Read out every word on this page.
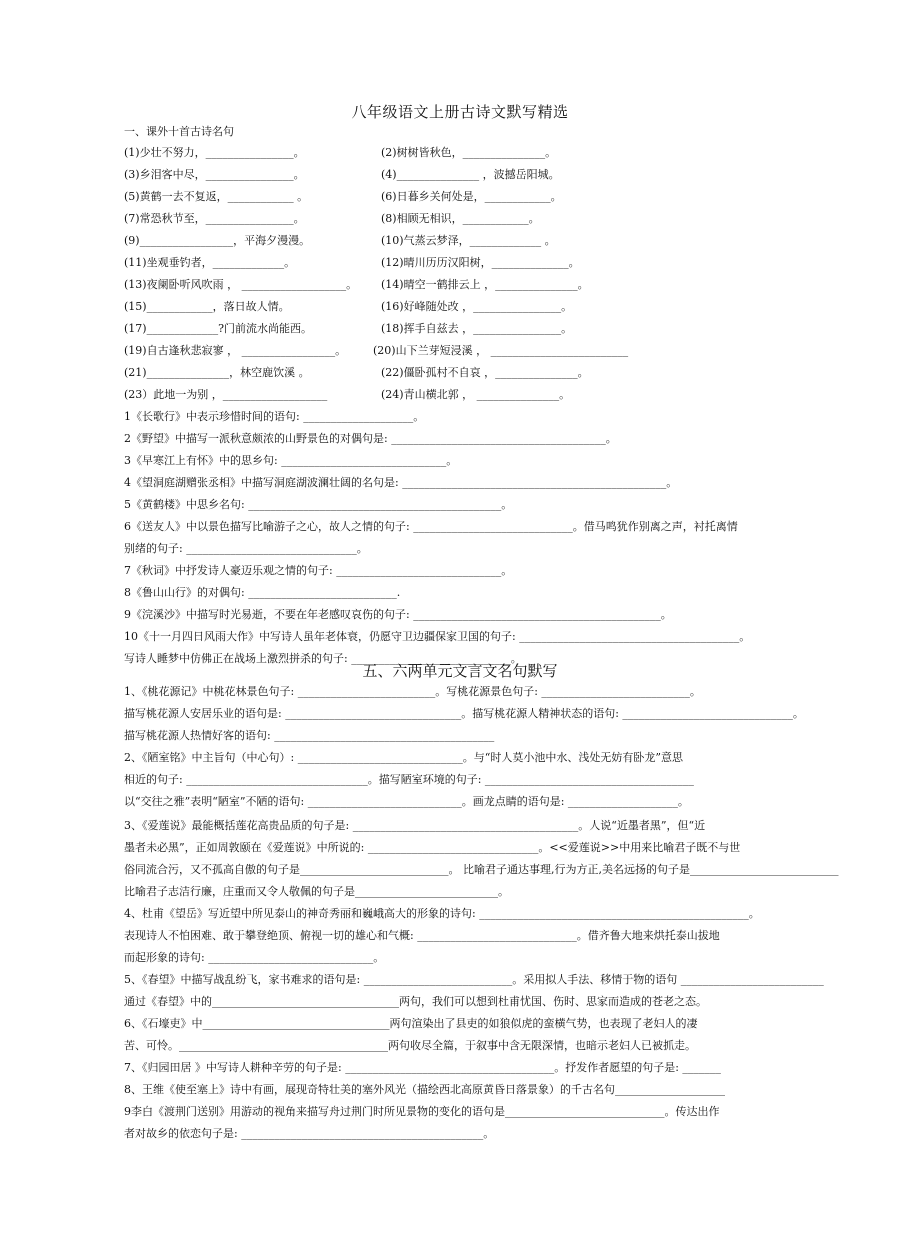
八年级语文上册古诗文默写精选
一、课外十首古诗名句
(1)少壮不努力，________________。	(2)树树皆秋色，_______________。
(3)乡泪客中尽，________________。	(4)_______________ ，波撼岳阳城。
(5)黄鹤一去不复返，____________ 。	(6)日暮乡关何处是，____________。
(7)常恐秋节至，________________。	(8)相顾无相识，____________。
(9)_________________，平海夕漫漫。	(10)气蒸云梦泽，_____________ 。
(11)坐观垂钓者，_____________。	(12)晴川历历汉阳树，______________。
(13)夜阑卧听风吹雨 ， ___________________。 (14)晴空一鹤排云上 ，_______________。
(15)____________，落日故人情。	(16)好峰随处改 ，________________。
(17)_____________?门前流水尚能西。	(18)挥手自兹去 ，________________。
(19)自古逢秋悲寂寥 ， _________________。 (20)山下兰芽短浸溪 ， _________________________
(21)_______________，林空鹿饮溪 。	(22)僵卧孤村不自哀 ，_______________。
(23）此地一为别 ，___________________	(24)青山横北郭 ， _______________。
1《长歌行》中表示珍惜时间的语句: ____________________。
2《野望》中描写一派秋意颇浓的山野景色的对偶句是: _______________________________________。
3《早寒江上有怀》中的思乡句: ______________________________。
4《望洞庭湖赠张丞相》中描写洞庭湖波澜壮阔的名句是: ________________________________________________。
5《黄鹤楼》中思乡名句: ______________________________________________。
6《送友人》中以景色描写比喻游子之心，故人之情的句子: _____________________________。借马鸣犹作别离之声，衬托离情
别绪的句子: _______________________________。
7《秋词》中抒发诗人豪迈乐观之情的句子: ______________________________。
8《鲁山山行》的对偶句: ___________________________.
9《浣溪沙》中描写时光易逝，不要在年老感叹哀伤的句子: _____________________________________________。
10《十一月四日风雨大作》中写诗人虽年老体衰，仍愿守卫边疆保家卫国的句子: ________________________________________。
写诗人睡梦中仿佛正在战场上激烈拼杀的句子: _____________________________。
五、六两单元文言文名句默写
1、《桃花源记》中桃花林景色句子: _________________________。写桃花源景色句子: ___________________________。
描写桃花源人安居乐业的语句是: ________________________________。描写桃花源人精神状态的语句: _______________________________。
描写桃花源人热情好客的语句: ________________________________________
2、《陋室铭》中主旨句（中心句）: ______________________________。与“时人莫小池中水、浅处无妨有卧龙”意思
相近的句子: _________________________________。描写陋室环境的句子: ______________________________________
以“交往之雅”表明“陋室”不陋的语句: ____________________________。画龙点睛的语句是: ____________________。
3、《爱莲说》最能概括莲花高贵品质的句子是: _________________________________________。人说“近墨者黑”，但“近
墨者未必黑”，正如周敦颐在《爱莲说》中所说的: _______________________________。<<爱莲说>>中用来比喻君子既不与世
俗同流合污，又不孤高自傲的句子是___________________________。 比喻君子通达事理,行为方正,美名远扬的句子是___________________________
比喻君子志洁行廉，庄重而又令人敬佩的句子是__________________________。
4、杜甫《望岳》写近望中所见泰山的神奇秀丽和巍峨高大的形象的诗句: _________________________________________________。
表现诗人不怕困难、敢于攀登绝顶、俯视一切的雄心和气概: _____________________________。借齐鲁大地来烘托泰山拔地
而起形象的诗句: ______________________________。
5、《春望》中描写战乱纷飞，家书难求的语句是: ___________________________。采用拟人手法、移情于物的语句 __________________________
通过《春望》中的__________________________________两句，我们可以想到杜甫忧国、伤时、思家而造成的苍老之态。
6、《石壕吏》中__________________________________两句渲染出了县吏的如狼似虎的蛮横气势，也表现了老妇人的凄
苦、可怜。______________________________________两句收尽全篇，于叙事中含无限深情，也暗示老妇人已被抓走。
7、《归园田居 》中写诗人耕种辛劳的句子是: ______________________________________。抒发作者愿望的句子是: _______
8、王维《使至塞上》诗中有画，展现奇特壮美的塞外风光（描绘西北高原黄昏日落景象）的千古名句____________________
9李白《渡荆门送别》用游动的视角来描写舟过荆门时所见景物的变化的语句是_____________________________。传达出作
者对故乡的依恋句子是: ____________________________________________。
